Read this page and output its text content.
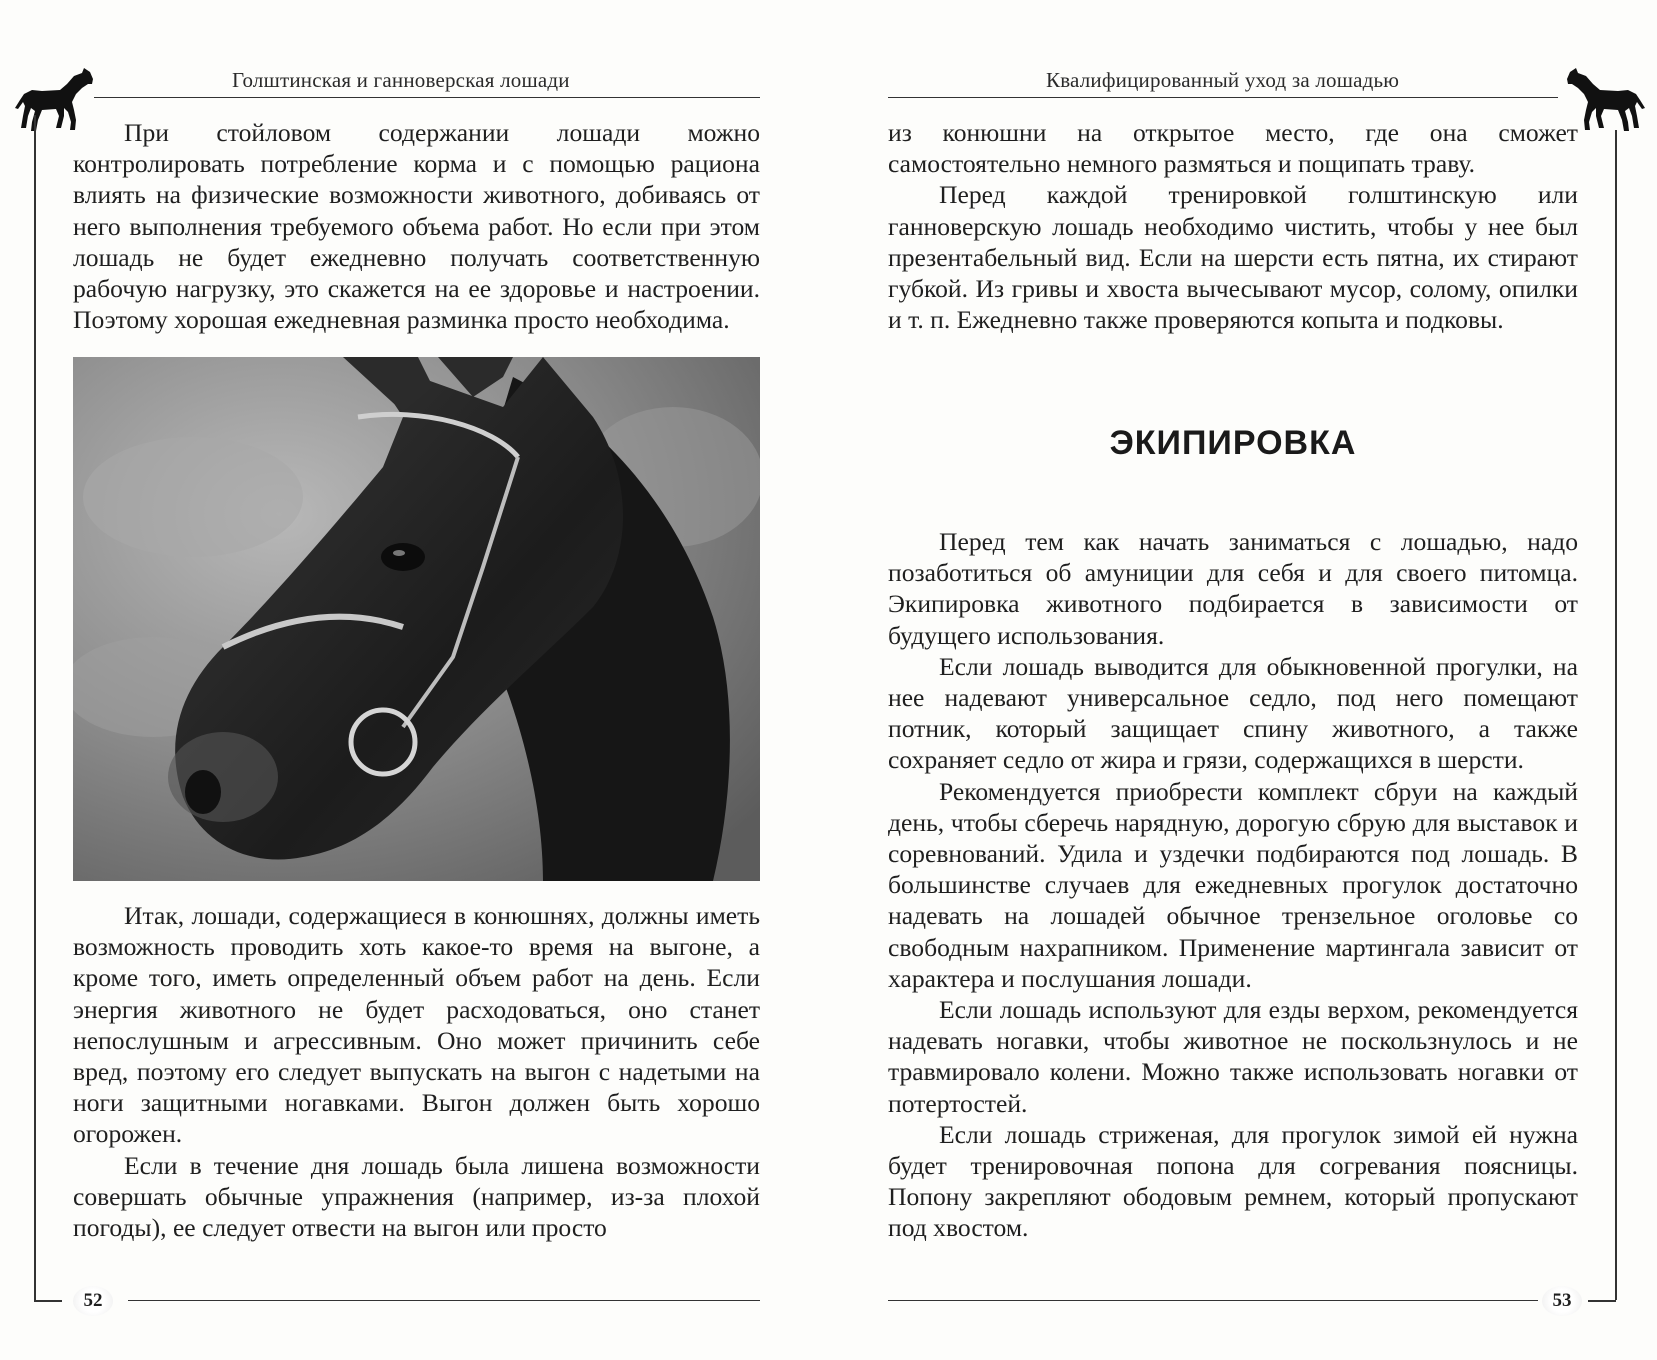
Голштинская и ганноверская лошади

При стойловом содержании лошади можно контролировать потребление корма и с помощью рациона влиять на физические возможности животного, добиваясь от него выполнения требуемого объема работ. Но если при этом лошадь не будет ежедневно получать соответственную рабочую нагрузку, это скажется на ее здоровье и настроении. Поэтому хорошая ежедневная разминка просто необходима.

Итак, лошади, содержащиеся в конюшнях, должны иметь возможность проводить хоть какое-то время на выгоне, а кроме того, иметь определенный объем работ на день. Если энергия животного не будет расходоваться, оно станет непослушным и агрессивным. Оно может причинить себе вред, поэтому его следует выпускать на выгон с надетыми на ноги защитными ногавками. Выгон должен быть хорошо огорожен.

Если в течение дня лошадь была лишена возможности совершать обычные упражнения (например, из-за плохой погоды), ее следует отвести на выгон или просто

52
Квалифицированный уход за лошадью

из конюшни на открытое место, где она сможет самостоятельно немного размяться и пощипать траву.

Перед каждой тренировкой голштинскую или ганноверскую лошадь необходимо чистить, чтобы у нее был презентабельный вид. Если на шерсти есть пятна, их стирают губкой. Из гривы и хвоста вычесывают мусор, солому, опилки и т. п. Ежедневно также проверяются копыта и подковы.

ЭКИПИРОВКА

Перед тем как начать заниматься с лошадью, надо позаботиться об амуниции для себя и для своего питомца. Экипировка животного подбирается в зависимости от будущего использования.

Если лошадь выводится для обыкновенной прогулки, на нее надевают универсальное седло, под него помещают потник, который защищает спину животного, а также сохраняет седло от жира и грязи, содержащихся в шерсти.

Рекомендуется приобрести комплект сбруи на каждый день, чтобы сберечь нарядную, дорогую сбрую для выставок и соревнований. Удила и уздечки подбираются под лошадь. В большинстве случаев для ежедневных прогулок достаточно надевать на лошадей обычное трензельное оголовье со свободным нахрапником. Применение мартингала зависит от характера и послушания лошади.

Если лошадь используют для езды верхом, рекомендуется надевать ногавки, чтобы животное не поскользнулось и не травмировало колени. Можно также использовать ногавки от потертостей.

Если лошадь стриженая, для прогулок зимой ей нужна будет тренировочная попона для согревания поясницы. Попону закрепляют ободовым ремнем, который пропускают под хвостом.

53
